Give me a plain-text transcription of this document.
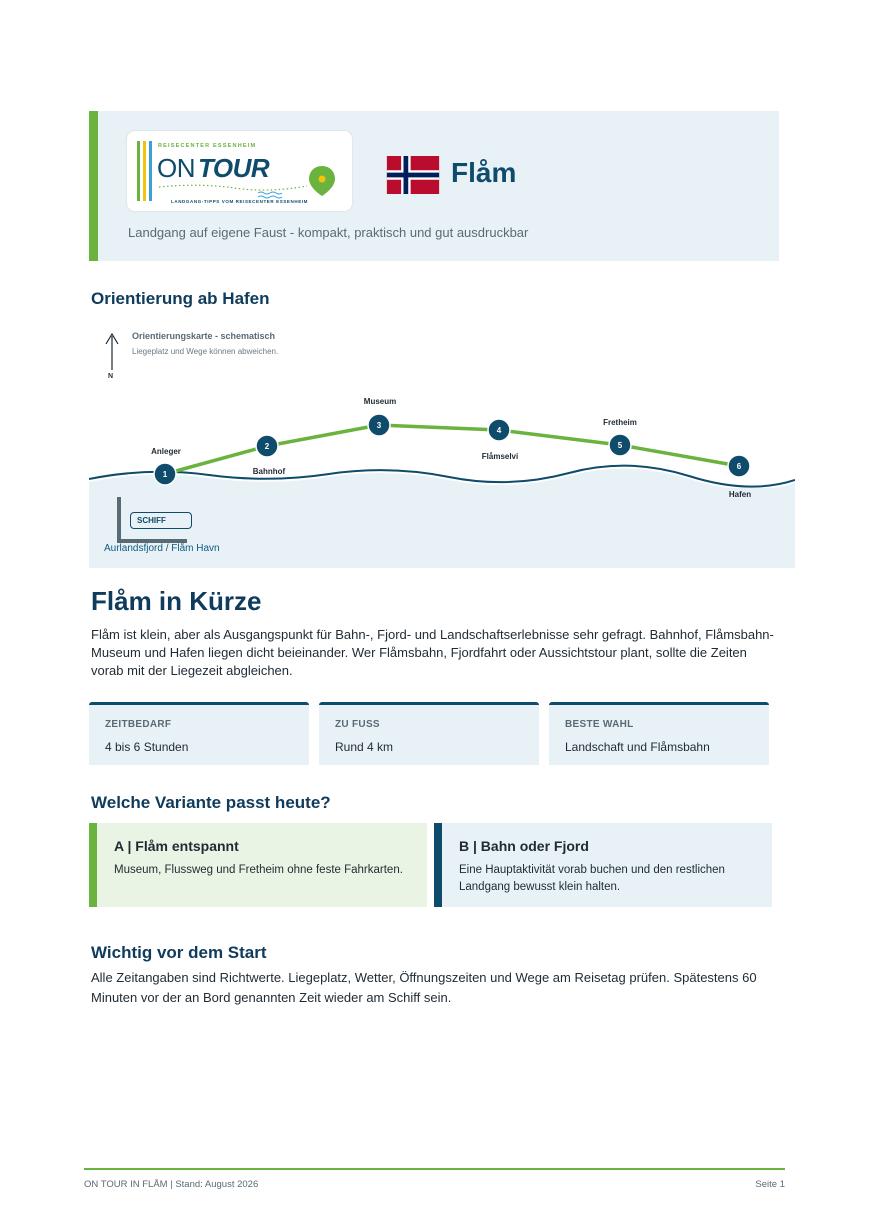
REISECENTER ESSENHEIM
ON TOUR
LANDGANG-TIPPS VOM REISECENTER ESSENHEIM
Flåm
Landgang auf eigene Faust - kompakt, praktisch und gut ausdruckbar
Orientierung ab Hafen
1
2
3
4
5
6
N
Orientierungskarte - schematisch
Liegeplatz und Wege können abweichen.
Anleger
Bahnhof
Museum
Flåmselvi
Fretheim
Hafen
SCHIFF
Aurlandsfjord / Flåm Havn
Flåm in Kürze
Flåm ist klein, aber als Ausgangspunkt für Bahn-, Fjord- und Landschaftserlebnisse sehr gefragt. Bahnhof, Flåmsbahn-Museum und Hafen liegen dicht beieinander. Wer Flåmsbahn, Fjordfahrt oder Aussichtstour plant, sollte die Zeiten vorab mit der Liegezeit abgleichen.
ZEITBEDARF
4 bis 6 Stunden
ZU FUSS
Rund 4 km
BESTE WAHL
Landschaft und Flåmsbahn
Welche Variante passt heute?
A | Flåm entspannt
Museum, Flussweg und Fretheim ohne feste Fahrkarten.
B | Bahn oder Fjord
Eine Hauptaktivität vorab buchen und den restlichen Landgang bewusst klein halten.
Wichtig vor dem Start
Alle Zeitangaben sind Richtwerte. Liegeplatz, Wetter, Öffnungszeiten und Wege am Reisetag prüfen. Spätestens 60 Minuten vor der an Bord genannten Zeit wieder am Schiff sein.
ON TOUR IN FLÅM | Stand: August 2026	Seite 1
